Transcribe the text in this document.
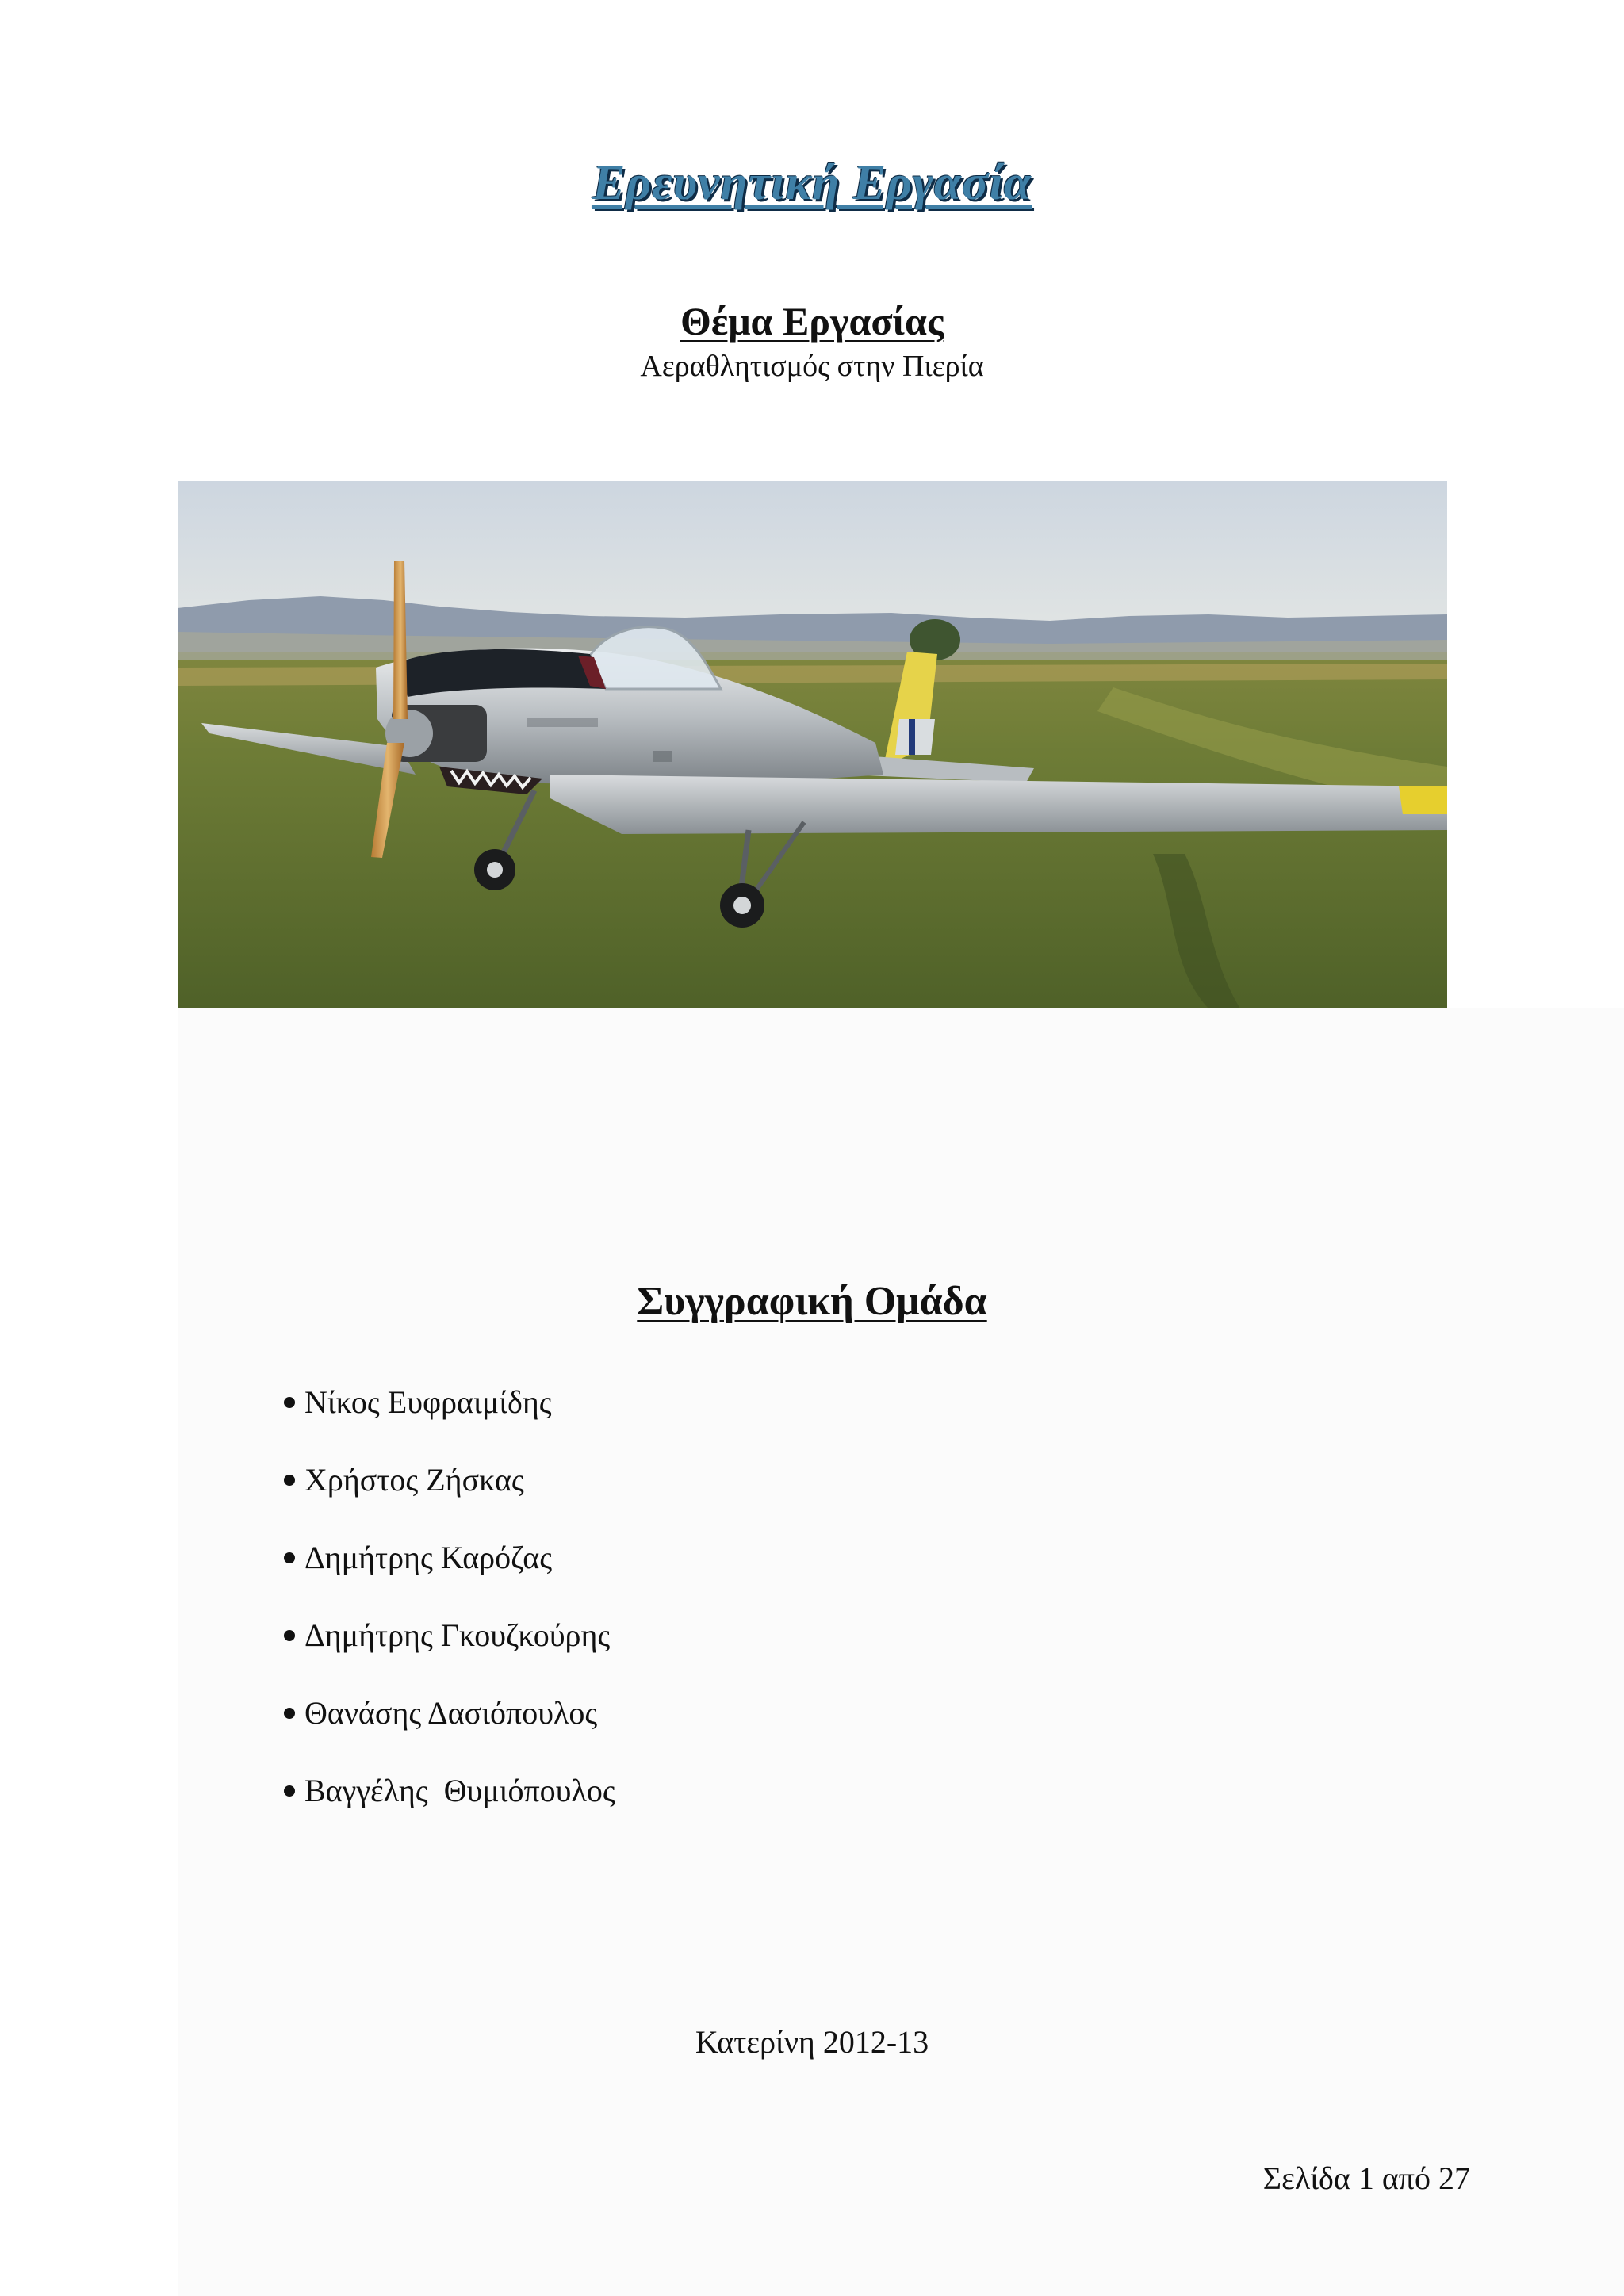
Ερευνητική Εργασία
Θέμα Εργασίας
Αεραθλητισμός στην Πιερία
Συγγραφική Ομάδα
Νίκος Ευφραιμίδης
Χρήστος Ζήσκας
Δημήτρης Καρόζας
Δημήτρης Γκουζκούρης
Θανάσης Δασιόπουλος
Βαγγέλης  Θυμιόπουλος
Κατερίνη 2012-13
Σελίδα 1 από 27
